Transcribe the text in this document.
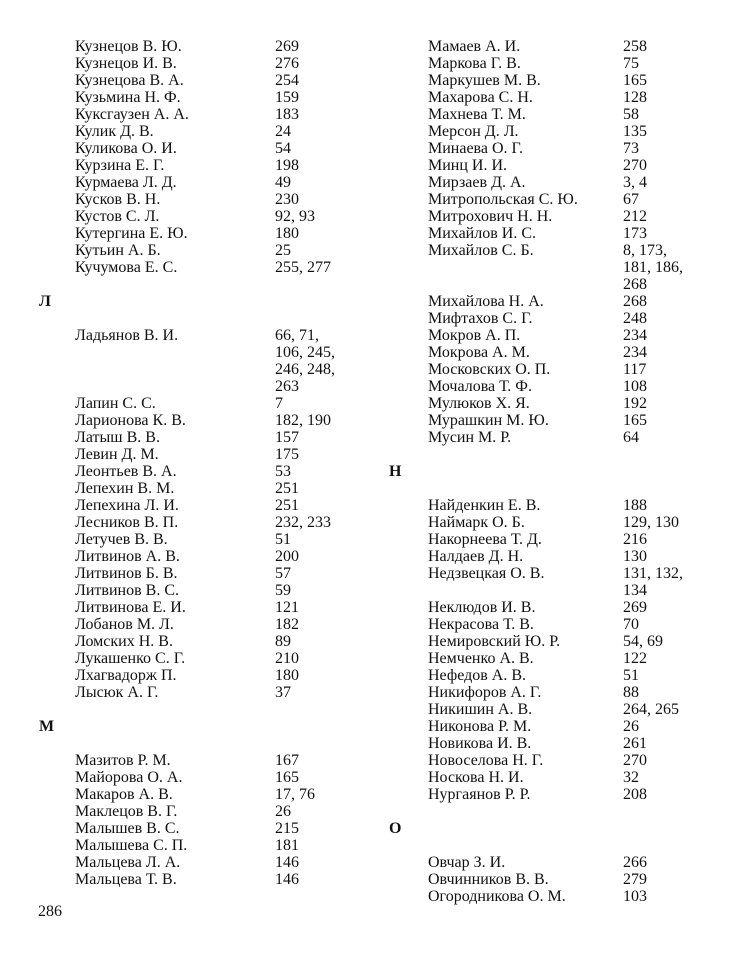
Кузнецов В. Ю.	269
Кузнецов И. В.	276
Кузнецова В. А.	254
Кузьмина Н. Ф.	159
Куксгаузен А. А.	183
Кулик Д. В.	24
Куликова О. И.	54
Курзина Е. Г.	198
Курмаева Л. Д.	49
Кусков В. Н.	230
Кустов С. Л.	92, 93
Кутергина Е. Ю.	180
Кутьин А. Б.	25
Кучумова Е. С.	255, 277
Л
Ладьянов В. И.	66, 71,
106, 245,
246, 248,
263
Лапин С. С.	7
Ларионова К. В.	182, 190
Латыш В. В.	157
Левин Д. М.	175
Леонтьев В. А.	53
Лепехин В. М.	251
Лепехина Л. И.	251
Лесников В. П.	232, 233
Летучев В. В.	51
Литвинов А. В.	200
Литвинов Б. В.	57
Литвинов В. С.	59
Литвинова Е. И.	121
Лобанов М. Л.	182
Ломских Н. В.	89
Лукашенко С. Г.	210
Лхагвадорж П.	180
Лысюк А. Г.	37
М
Мазитов Р. М.	167
Майорова О. А.	165
Макаров А. В.	17, 76
Маклецов В. Г.	26
Малышев В. С.	215
Малышева С. П.	181
Мальцева Л. А.	146
Мальцева Т. В.	146
Мамаев А. И.	258
Маркова Г. В.	75
Маркушев М. В.	165
Махарова С. Н.	128
Махнева Т. М.	58
Мерсон Д. Л.	135
Минаева О. Г.	73
Минц И. И.	270
Мирзаев Д. А.	3, 4
Митропольская С. Ю.	67
Митрохович Н. Н.	212
Михайлов И. С.	173
Михайлов С. Б.	8, 173,
181, 186,
268
Михайлова Н. А.	268
Мифтахов С. Г.	248
Мокров А. П.	234
Мокрова А. М.	234
Московских О. П.	117
Мочалова Т. Ф.	108
Мулюков Х. Я.	192
Мурашкин М. Ю.	165
Мусин М. Р.	64
Н
Найденкин Е. В.	188
Наймарк О. Б.	129, 130
Накорнеева Т. Д.	216
Налдаев Д. Н.	130
Недзвецкая О. В.	131, 132,
134
Неклюдов И. В.	269
Некрасова Т. В.	70
Немировский Ю. Р.	54, 69
Немченко А. В.	122
Нефедов А. В.	51
Никифоров А. Г.	88
Никишин А. В.	264, 265
Никонова Р. М.	26
Новикова И. В.	261
Новоселова Н. Г.	270
Носкова Н. И.	32
Нургаянов Р. Р.	208
О
Овчар З. И.	266
Овчинников В. В.	279
Огородникова О. М.	103
286
